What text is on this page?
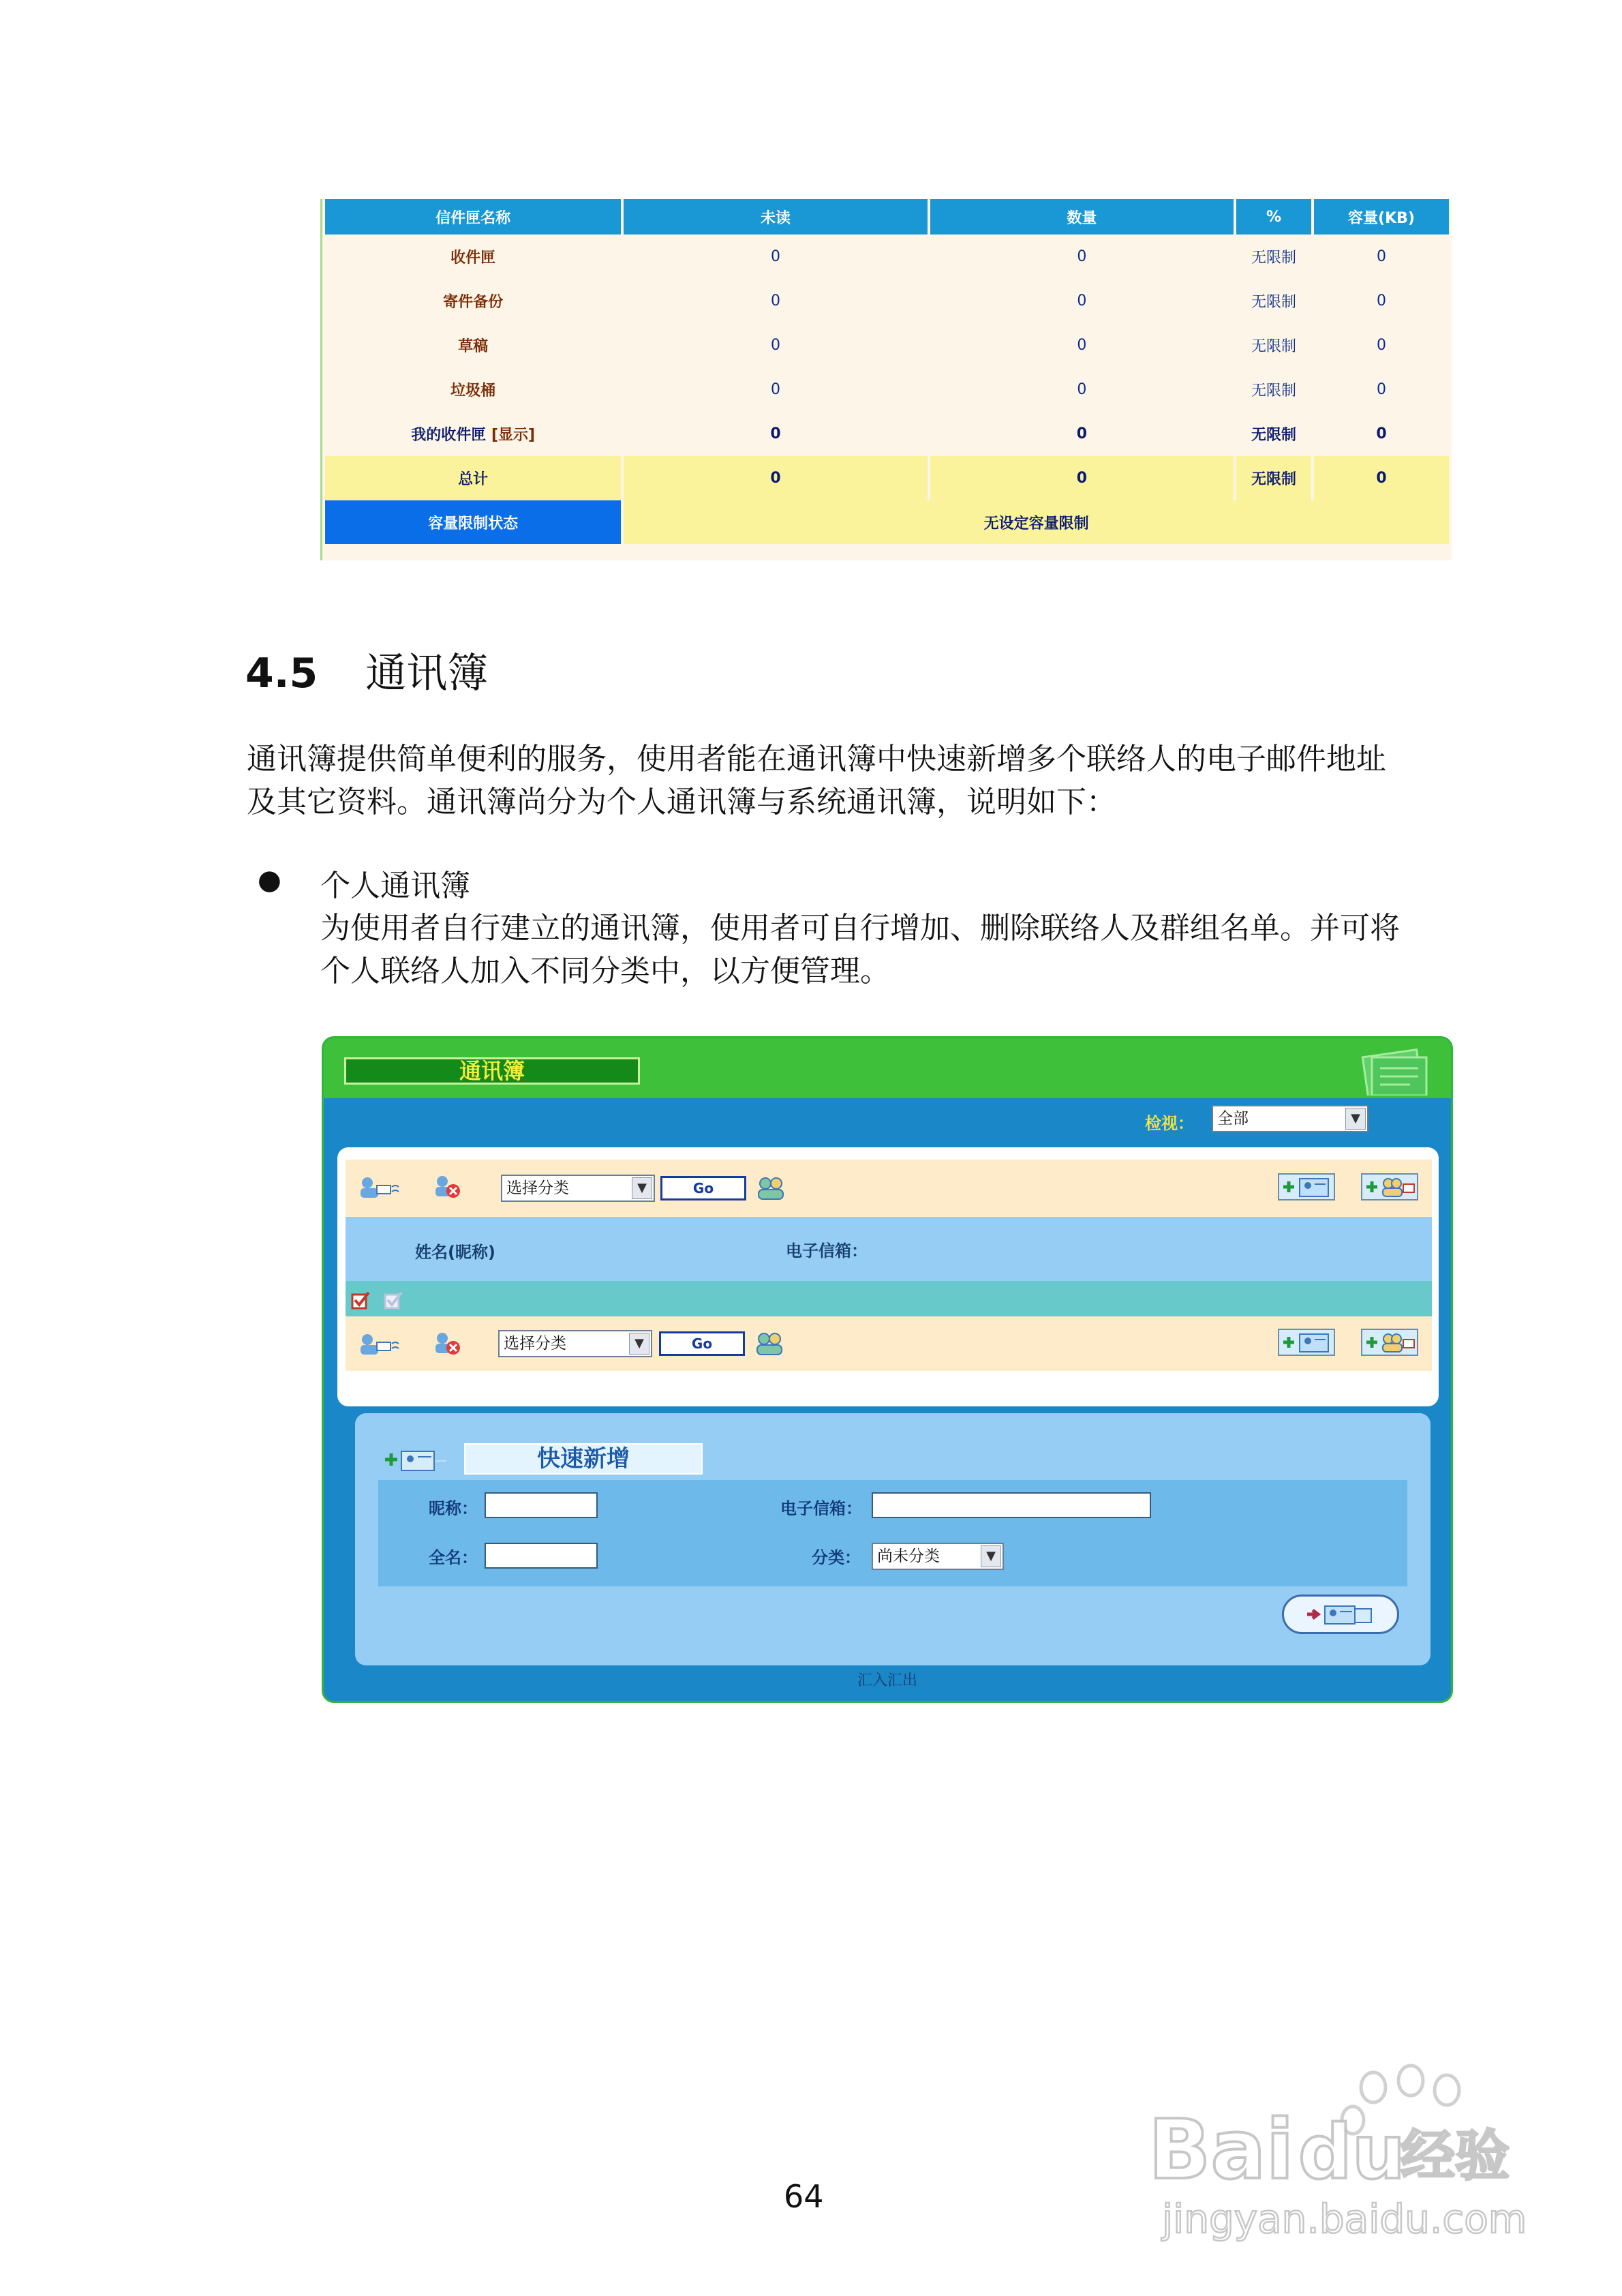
信件匣名称	未读	数量	%	容量(KB)
收件匣	0	0	无限制	0
寄件备份	0	0	无限制	0
草稿	0	0	无限制	0
垃圾桶	0	0	无限制	0
我的收件匣 [显示]	0	0	无限制	0
总计	0	0	无限制	0
容量限制状态	无设定容量限制			
4.5 通讯簿

通讯簿提供简单便利的服务，使用者能在通讯簿中快速新增多个联络人的电子邮件地址及其它资料。通讯簿尚分为个人通讯簿与系统通讯簿，说明如下：

● 个人通讯簿

为使用者自行建立的通讯簿，使用者可自行增加、删除联络人及群组名单。并可将个人联络人加入不同分类中，以方便管理。

通讯簿
检视：	全部	▼
选择分类	▼	Go
姓名(昵称)	电子信箱：
选择分类	▼	Go
快速新增
昵称：	电子信箱：
全名：	分类：	尚未分类	▼
汇入汇出
64	Bai du
经验
jingyan.baidu.com
